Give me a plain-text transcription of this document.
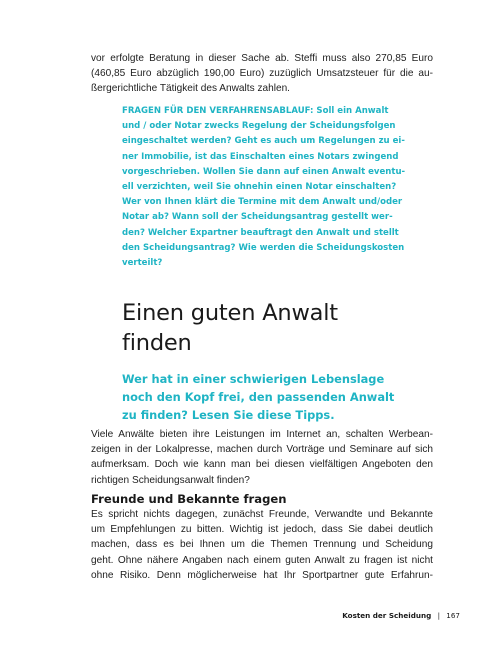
vor erfolgte Beratung in dieser Sache ab. Steffi muss also 270,85 Euro
(460,85 Euro abzüglich 190,00 Euro) zuzüglich Umsatzsteuer für die au-
ßergerichtliche Tätigkeit des Anwalts zahlen.
FRAGEN FÜR DEN VERFAHRENSABLAUF: Soll ein Anwalt
und / oder Notar zwecks Regelung der Scheidungsfolgen
eingeschaltet werden? Geht es auch um Regelungen zu ei-
ner Immobilie, ist das Einschalten eines Notars zwingend
vorgeschrieben. Wollen Sie dann auf einen Anwalt eventu-
ell verzichten, weil Sie ohnehin einen Notar einschalten?
Wer von Ihnen klärt die Termine mit dem Anwalt und/oder
Notar ab? Wann soll der Scheidungsantrag gestellt wer-
den? Welcher Expartner beauftragt den Anwalt und stellt
den Scheidungsantrag? Wie werden die Scheidungskosten
verteilt?
Einen guten Anwalt
finden
Wer hat in einer schwierigen Lebenslage
noch den Kopf frei, den passenden Anwalt
zu finden? Lesen Sie diese Tipps.
Viele Anwälte bieten ihre Leistungen im Internet an, schalten Werbean-
zeigen in der Lokalpresse, machen durch Vorträge und Seminare auf sich
aufmerksam. Doch wie kann man bei diesen vielfältigen Angeboten den
richtigen Scheidungsanwalt finden?
Freunde und Bekannte fragen
Es spricht nichts dagegen, zunächst Freunde, Verwandte und Bekannte
um Empfehlungen zu bitten. Wichtig ist jedoch, dass Sie dabei deutlich
machen, dass es bei Ihnen um die Themen Trennung und Scheidung
geht. Ohne nähere Angaben nach einem guten Anwalt zu fragen ist nicht
ohne Risiko. Denn möglicherweise hat Ihr Sportpartner gute Erfahrun-
Kosten der Scheidung | 167
